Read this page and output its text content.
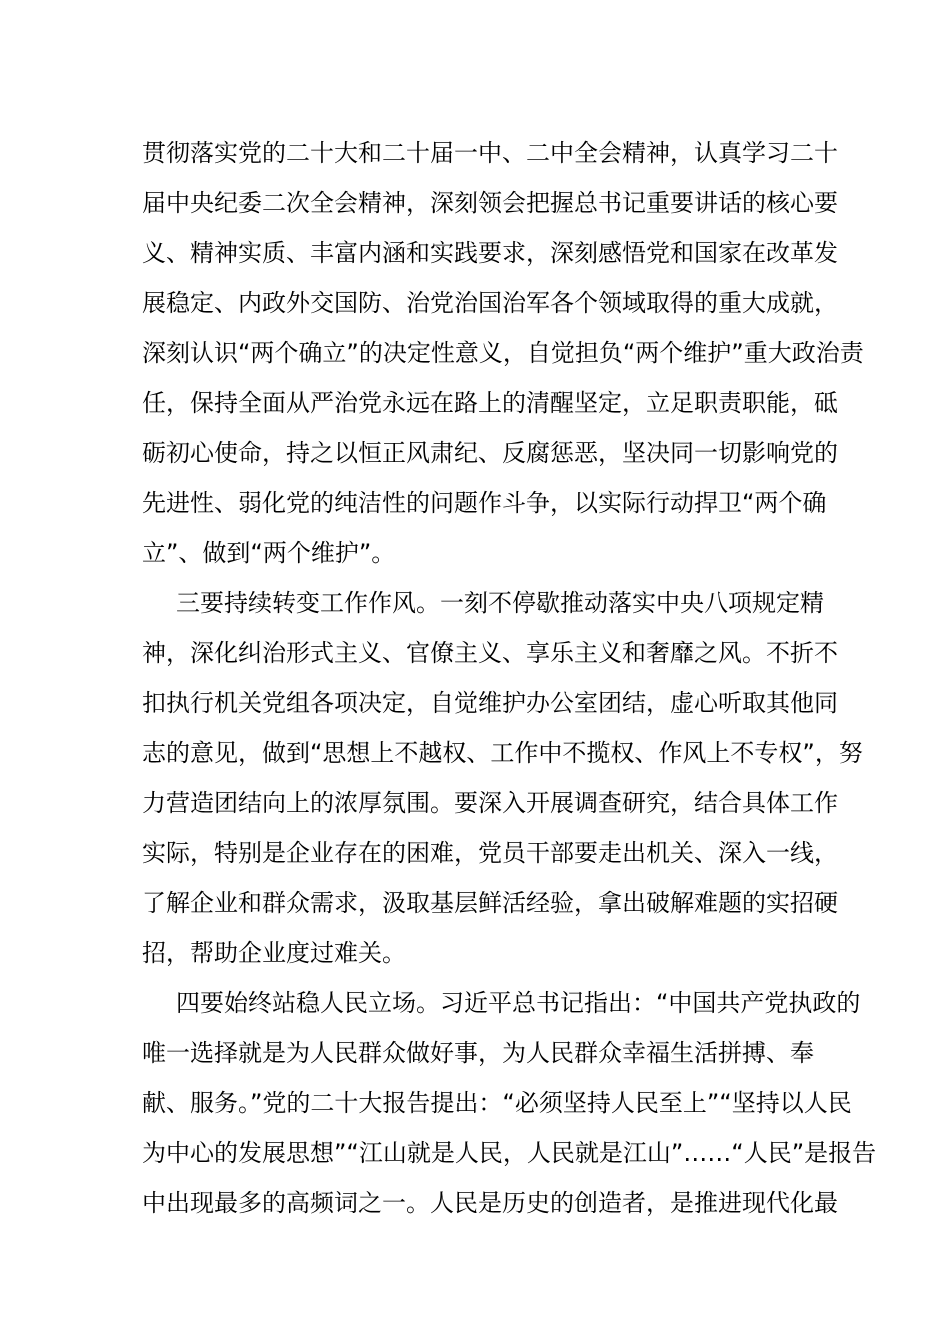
贯彻落实党的二十大和二十届一中、二中全会精神，认真学习二十
届中央纪委二次全会精神，深刻领会把握总书记重要讲话的核心要
义、精神实质、丰富内涵和实践要求，深刻感悟党和国家在改革发
展稳定、内政外交国防、治党治国治军各个领域取得的重大成就，
深刻认识“两个确立”的决定性意义，自觉担负“两个维护”重大政治责
任，保持全面从严治党永远在路上的清醒坚定，立足职责职能，砥
砺初心使命，持之以恒正风肃纪、反腐惩恶，坚决同一切影响党的
先进性、弱化党的纯洁性的问题作斗争，以实际行动捍卫“两个确
立”、做到“两个维护”。
三要持续转变工作作风。一刻不停歇推动落实中央八项规定精
神，深化纠治形式主义、官僚主义、享乐主义和奢靡之风。不折不
扣执行机关党组各项决定，自觉维护办公室团结，虚心听取其他同
志的意见，做到“思想上不越权、工作中不揽权、作风上不专权”，努
力营造团结向上的浓厚氛围。要深入开展调查研究，结合具体工作
实际，特别是企业存在的困难，党员干部要走出机关、深入一线，
了解企业和群众需求，汲取基层鲜活经验，拿出破解难题的实招硬
招，帮助企业度过难关。
四要始终站稳人民立场。习近平总书记指出：“中国共产党执政的
唯一选择就是为人民群众做好事，为人民群众幸福生活拼搏、奉
献、服务。”党的二十大报告提出：“必须坚持人民至上”“坚持以人民
为中心的发展思想”“江山就是人民，人民就是江山”……“人民”是报告
中出现最多的高频词之一。人民是历史的创造者，是推进现代化最
